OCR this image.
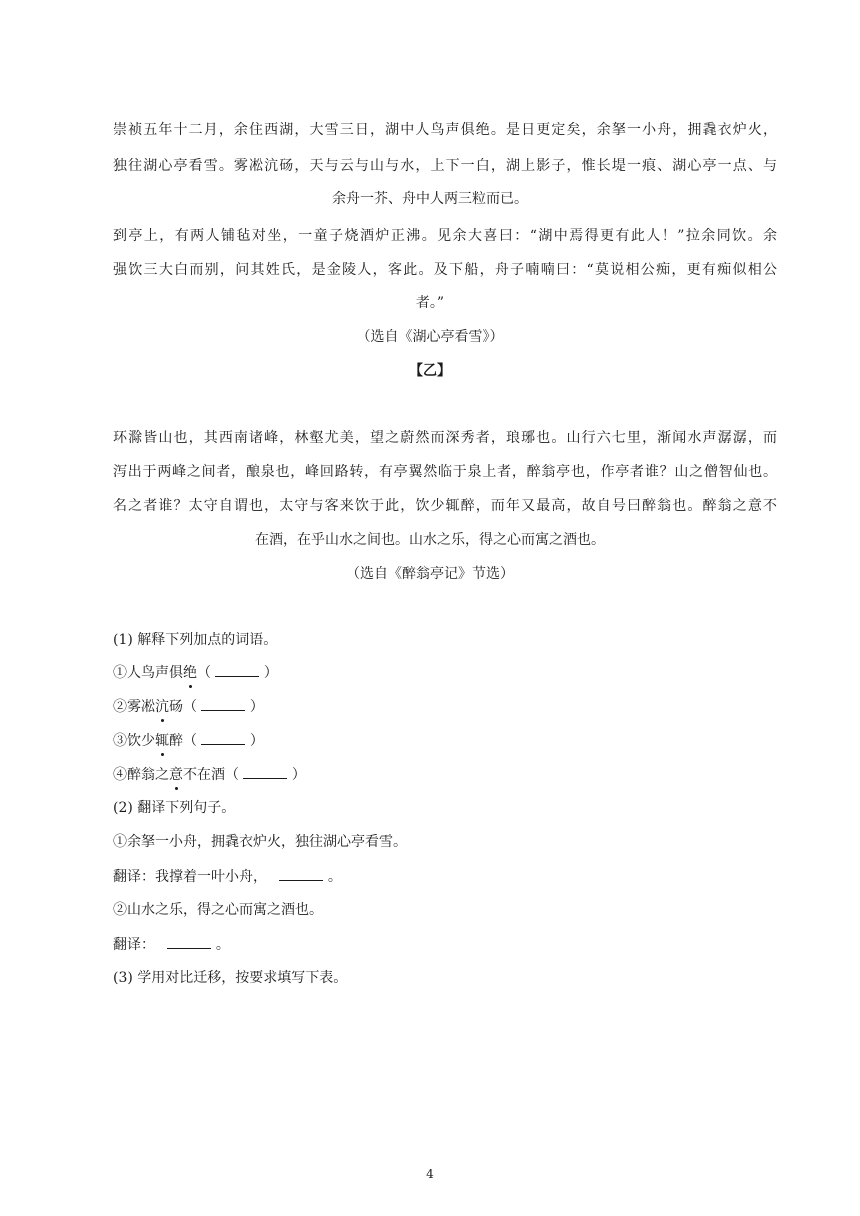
崇祯五年十二月，余住西湖，大雪三日，湖中人鸟声俱绝。是日更定矣，余拏一小舟，拥毳衣炉火，
独往湖心亭看雪。雾凇沆砀，天与云与山与水，上下一白，湖上影子，惟长堤一痕、湖心亭一点、与
余舟一芥、舟中人两三粒而已。
到亭上，有两人铺毡对坐，一童子烧酒炉正沸。见余大喜曰：“湖中焉得更有此人！”拉余同饮。余
强饮三大白而别，问其姓氏，是金陵人，客此。及下船，舟子喃喃曰：“莫说相公痴，更有痴似相公
者。”
（选自《湖心亭看雪》）
【乙】
环滁皆山也，其西南诸峰，林壑尤美，望之蔚然而深秀者，琅琊也。山行六七里，渐闻水声潺潺，而
泻出于两峰之间者，酿泉也，峰回路转，有亭翼然临于泉上者，醉翁亭也，作亭者谁？山之僧智仙也。
名之者谁？太守自谓也，太守与客来饮于此，饮少辄醉，而年又最高，故自号曰醉翁也。醉翁之意不
在酒，在乎山水之间也。山水之乐，得之心而寓之酒也。
（选自《醉翁亭记》节选）
(1) 解释下列加点的词语。
①人鸟声俱绝（	）
②雾凇沆砀（	）
③饮少辄醉（	）
④醉翁之意不在酒（	）
(2) 翻译下列句子。
①余拏一小舟，拥毳衣炉火，独往湖心亭看雪。
翻译：我撑着一叶小舟，	。
②山水之乐，得之心而寓之酒也。
翻译：	。
(3) 学用对比迁移，按要求填写下表。
4
